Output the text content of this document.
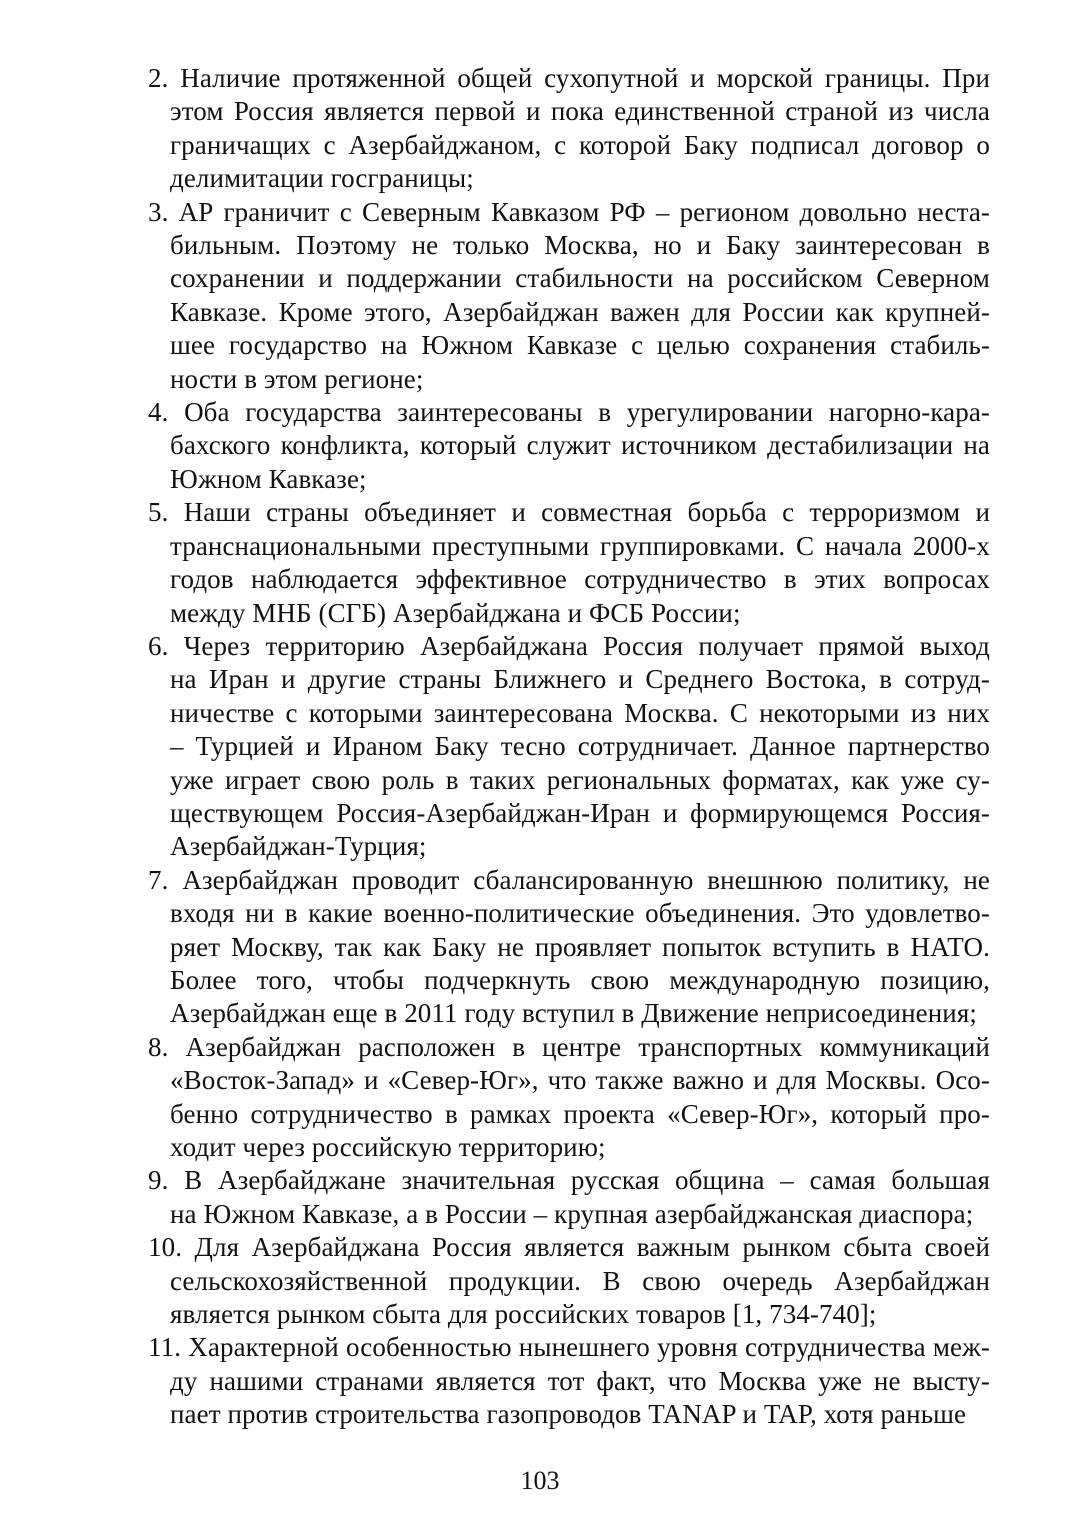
2. Наличие протяженной общей сухопутной и морской границы. При
этом Россия является первой и пока единственной страной из числа
граничащих с Азербайджаном, с которой Баку подписал договор о
делимитации госграницы;
3. АР граничит с Северным Кавказом РФ – регионом довольно неста-
бильным. Поэтому не только Москва, но и Баку заинтересован в
сохранении и поддержании стабильности на российском Северном
Кавказе. Кроме этого, Азербайджан важен для России как крупней-
шее государство на Южном Кавказе с целью сохранения стабиль-
ности в этом регионе;
4. Оба государства заинтересованы в урегулировании нагорно-кара-
бахского конфликта, который служит источником дестабилизации на
Южном Кавказе;
5. Наши страны объединяет и совместная борьба с терроризмом и
транснациональными преступными группировками. С начала 2000-х
годов наблюдается эффективное сотрудничество в этих вопросах
между МНБ (СГБ) Азербайджана и ФСБ России;
6. Через территорию Азербайджана Россия получает прямой выход
на Иран и другие страны Ближнего и Среднего Востока, в сотруд-
ничестве с которыми заинтересована Москва. С некоторыми из них
– Турцией и Ираном Баку тесно сотрудничает. Данное партнерство
уже играет свою роль в таких региональных форматах, как уже су-
ществующем Россия-Азербайджан-Иран и формирующемся Россия-
Азербайджан-Турция;
7. Азербайджан проводит сбалансированную внешнюю политику, не
входя ни в какие военно-политические объединения. Это удовлетво-
ряет Москву, так как Баку не проявляет попыток вступить в НАТО.
Более того, чтобы подчеркнуть свою международную позицию,
Азербайджан еще в 2011 году вступил в Движение неприсоединения;
8. Азербайджан расположен в центре транспортных коммуникаций
«Восток-Запад» и «Север-Юг», что также важно и для Москвы. Осо-
бенно сотрудничество в рамках проекта «Север-Юг», который про-
ходит через российскую территорию;
9. В Азербайджане значительная русская община – самая большая
на Южном Кавказе, а в России – крупная азербайджанская диаспора;
10. Для Азербайджана Россия является важным рынком сбыта своей
сельскохозяйственной продукции. В свою очередь Азербайджан
является рынком сбыта для российских товаров [1, 734-740];
11. Характерной особенностью нынешнего уровня сотрудничества меж-
ду нашими странами является тот факт, что Москва уже не высту-
пает против строительства газопроводов TANAP и TAP, хотя раньше
103
